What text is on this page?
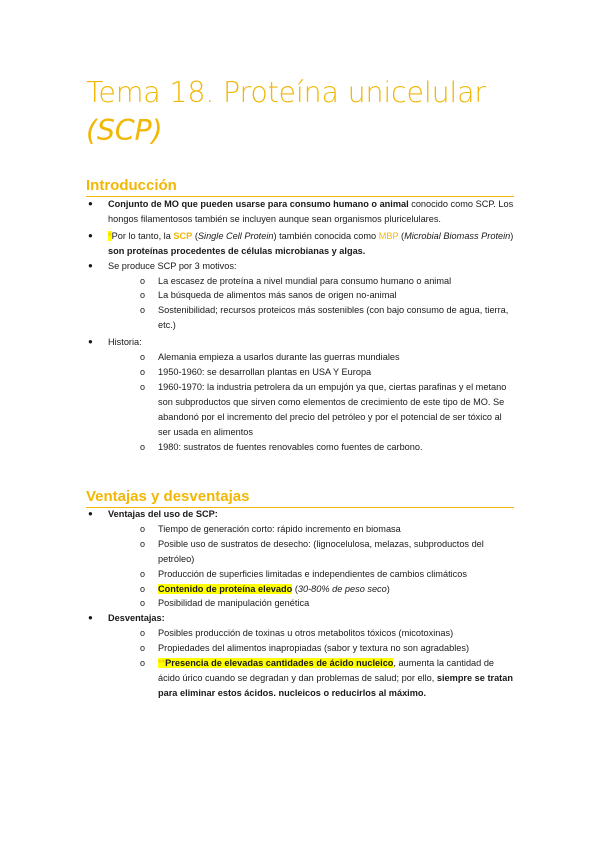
Tema 18. Proteína unicelular
(SCP)
Introducción
● Conjunto de MO que pueden usarse para consumo humano o animal conocido como SCP. Los hongos filamentosos también se incluyen aunque sean organismos pluricelulares.
● *Por lo tanto, la SCP (Single Cell Protein) también conocida como MBP (Microbial Biomass Protein) son proteínas procedentes de células microbianas y algas.
● Se produce SCP por 3 motivos:
o La escasez de proteína a nivel mundial para consumo humano o animal
o La búsqueda de alimentos más sanos de origen no-animal
o Sostenibilidad; recursos proteicos más sostenibles (con bajo consumo de agua, tierra, etc.)
● Historia:
o Alemania empieza a usarlos durante las guerras mundiales
o 1950-1960: se desarrollan plantas en USA Y Europa
o 1960-1970: la industria petrolera da un empujón ya que, ciertas parafinas y el metano son subproductos que sirven como elementos de crecimiento de este tipo de MO. Se abandonó por el incremento del precio del petróleo y por el potencial de ser tóxico al ser usada en alimentos
o 1980: sustratos de fuentes renovables como fuentes de carbono.
Ventajas y desventajas
● Ventajas del uso de SCP:
o Tiempo de generación corto: rápido incremento en biomasa
o Posible uso de sustratos de desecho: (lignocelulosa, melazas, subproductos del petróleo)
o Producción de superficies limitadas e independientes de cambios climáticos
o Contenido de proteína elevado (30-80% de peso seco)
o Posibilidad de manipulación genética
● Desventajas:
o Posibles producción de toxinas u otros metabolitos tóxicos (micotoxinas)
o Propiedades del alimentos inapropiadas (sabor y textura no son agradables)
o **Presencia de elevadas cantidades de ácido nucleico, aumenta la cantidad de ácido úrico cuando se degradan y dan problemas de salud; por ello, siempre se tratan para eliminar estos ácidos. nucleicos o reducirlos al máximo.
